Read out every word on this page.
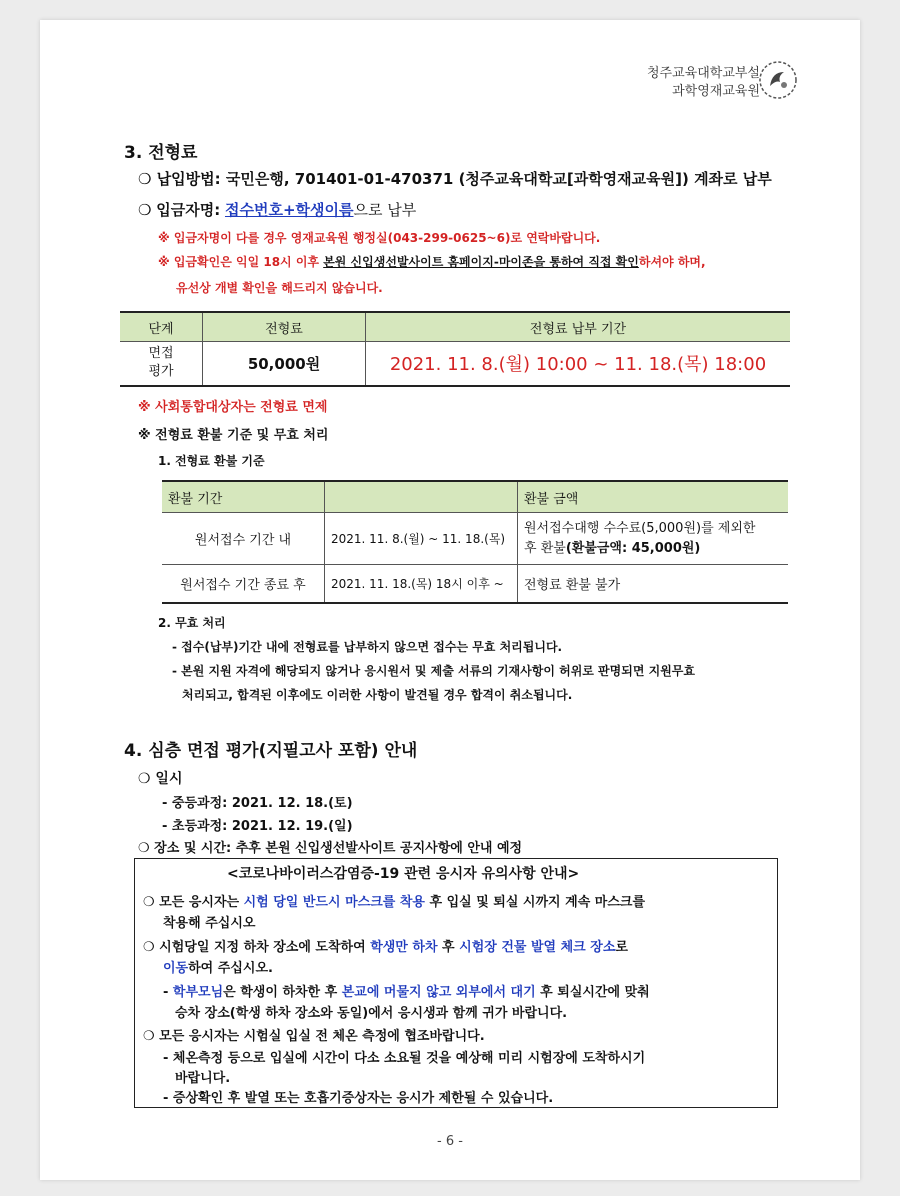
청주교육대학교부설
과학영재교육원
3. 전형료
❍ 납입방법: 국민은행, 701401-01-470371 (청주교육대학교[과학영재교육원]) 계좌로 납부
❍ 입금자명: 접수번호+학생이름으로 납부
※ 입금자명이 다를 경우 영재교육원 행정실(043-299-0625~6)로 연락바랍니다.
※ 입금확인은 익일 18시 이후 본원 신입생선발사이트 홈페이지-마이존을 통하여 직접 확인하셔야 하며,
유선상 개별 확인을 해드리지 않습니다.
단계	전형료	전형료 납부 기간
면접
평가	50,000원	2021. 11. 8.(월) 10:00 ~ 11. 18.(목) 18:00
※ 사회통합대상자는 전형료 면제
※ 전형료 환불 기준 및 무효 처리
1. 전형료 환불 기준
환불 기간		환불 금액
원서접수 기간 내	2021. 11. 8.(월) ~ 11. 18.(목)	원서접수대행 수수료(5,000원)를 제외한
후 환불(환불금액: 45,000원)
원서접수 기간 종료 후	2021. 11. 18.(목) 18시 이후 ~	전형료 환불 불가
2. 무효 처리
- 접수(납부)기간 내에 전형료를 납부하지 않으면 접수는 무효 처리됩니다.
- 본원 지원 자격에 해당되지 않거나 응시원서 및 제출 서류의 기재사항이 허위로 판명되면 지원무효
처리되고, 합격된 이후에도 이러한 사항이 발견될 경우 합격이 취소됩니다.
4. 심층 면접 평가(지필고사 포함) 안내
❍ 일시
- 중등과정: 2021. 12. 18.(토)
- 초등과정: 2021. 12. 19.(일)
❍ 장소 및 시간: 추후 본원 신입생선발사이트 공지사항에 안내 예정
<코로나바이러스감염증-19 관련 응시자 유의사항 안내>
❍ 모든 응시자는 시험 당일 반드시 마스크를 착용 후 입실 및 퇴실 시까지 계속 마스크를
착용해 주십시오
❍ 시험당일 지정 하차 장소에 도착하여 학생만 하차 후 시험장 건물 발열 체크 장소로
이동하여 주십시오.
- 학부모님은 학생이 하차한 후 본교에 머물지 않고 외부에서 대기 후 퇴실시간에 맞춰
승차 장소(학생 하차 장소와 동일)에서 응시생과 함께 귀가 바랍니다.
❍ 모든 응시자는 시험실 입실 전 체온 측정에 협조바랍니다.
- 체온측정 등으로 입실에 시간이 다소 소요될 것을 예상해 미리 시험장에 도착하시기
바랍니다.
- 증상확인 후 발열 또는 호흡기증상자는 응시가 제한될 수 있습니다.
- 6 -
